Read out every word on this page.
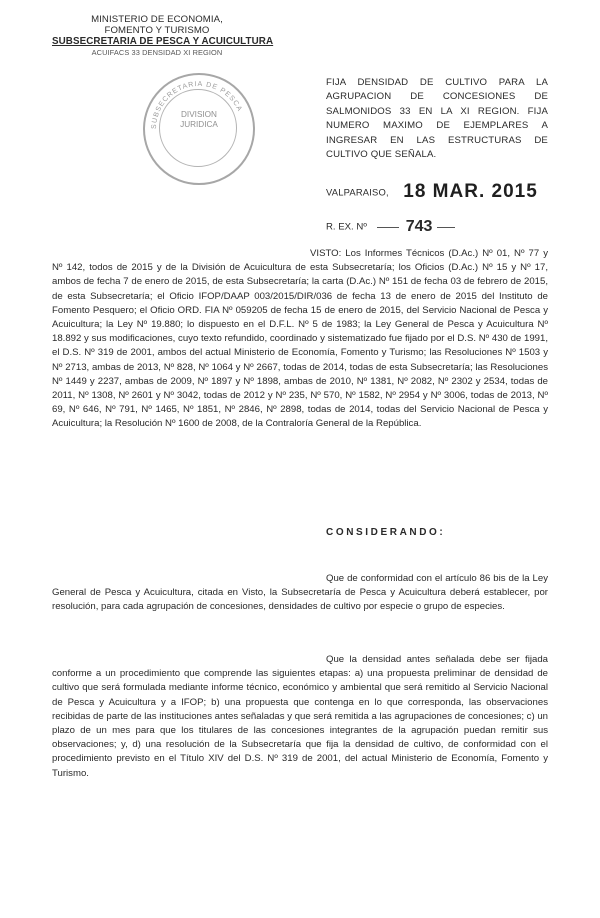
MINISTERIO DE ECONOMIA,
FOMENTO Y TURISMO
SUBSECRETARIA DE PESCA Y ACUICULTURA
ACUIFACS 33 DENSIDAD XI REGION
SUBSECRETARIA DE PESCA
DIVISION
JURIDICA
FIJA DENSIDAD DE CULTIVO PARA LA AGRUPACION DE CONCESIONES DE SALMONIDOS 33 EN LA XI REGION. FIJA NUMERO MAXIMO DE EJEMPLARES A INGRESAR EN LAS ESTRUCTURAS DE CULTIVO QUE SEÑALA.
VALPARAISO, 18 MAR. 2015
R. EX. Nº 743

VISTO: Los Informes Técnicos (D.Ac.) Nº 01, Nº 77 y Nº 142, todos de 2015 y de la División de Acuicultura de esta Subsecretaría; los Oficios (D.Ac.) Nº 15 y Nº 17, ambos de fecha 7 de enero de 2015, de esta Subsecretaría; la carta (D.Ac.) Nº 151 de fecha 03 de febrero de 2015, de esta Subsecretaría; el Oficio IFOP/DAAP 003/2015/DIR/036 de fecha 13 de enero de 2015 del Instituto de Fomento Pesquero; el Oficio ORD. FIA Nº 059205 de fecha 15 de enero de 2015, del Servicio Nacional de Pesca y Acuicultura; la Ley Nº 19.880; lo dispuesto en el D.F.L. Nº 5 de 1983; la Ley General de Pesca y Acuicultura Nº 18.892 y sus modificaciones, cuyo texto refundido, coordinado y sistematizado fue fijado por el D.S. Nº 430 de 1991, el D.S. Nº 319 de 2001, ambos del actual Ministerio de Economía, Fomento y Turismo; las Resoluciones Nº 1503 y Nº 2713, ambas de 2013, Nº 828, Nº 1064 y Nº 2667, todas de 2014, todas de esta Subsecretaría; las Resoluciones Nº 1449 y 2237, ambas de 2009, Nº 1897 y Nº 1898, ambas de 2010, Nº 1381, Nº 2082, Nº 2302 y 2534, todas de 2011, Nº 1308, Nº 2601 y Nº 3042, todas de 2012 y Nº 235, Nº 570, Nº 1582, Nº 2954 y Nº 3006, todas de 2013, Nº 69, Nº 646, Nº 791, Nº 1465, Nº 1851, Nº 2846, Nº 2898, todas de 2014, todas del Servicio Nacional de Pesca y Acuicultura; la Resolución Nº 1600 de 2008, de la Contraloría General de la República.

CONSIDERANDO:

Que de conformidad con el artículo 86 bis de la Ley General de Pesca y Acuicultura, citada en Visto, la Subsecretaría de Pesca y Acuicultura deberá establecer, por resolución, para cada agrupación de concesiones, densidades de cultivo por especie o grupo de especies.

Que la densidad antes señalada debe ser fijada conforme a un procedimiento que comprende las siguientes etapas: a) una propuesta preliminar de densidad de cultivo que será formulada mediante informe técnico, económico y ambiental que será remitido al Servicio Nacional de Pesca y Acuicultura y a IFOP; b) una propuesta que contenga en lo que corresponda, las observaciones recibidas de parte de las instituciones antes señaladas y que será remitida a las agrupaciones de concesiones; c) un plazo de un mes para que los titulares de las concesiones integrantes de la agrupación puedan remitir sus observaciones; y, d) una resolución de la Subsecretaría que fija la densidad de cultivo, de conformidad con el procedimiento previsto en el Título XIV del D.S. Nº 319 de 2001, del actual Ministerio de Economía, Fomento y Turismo.
